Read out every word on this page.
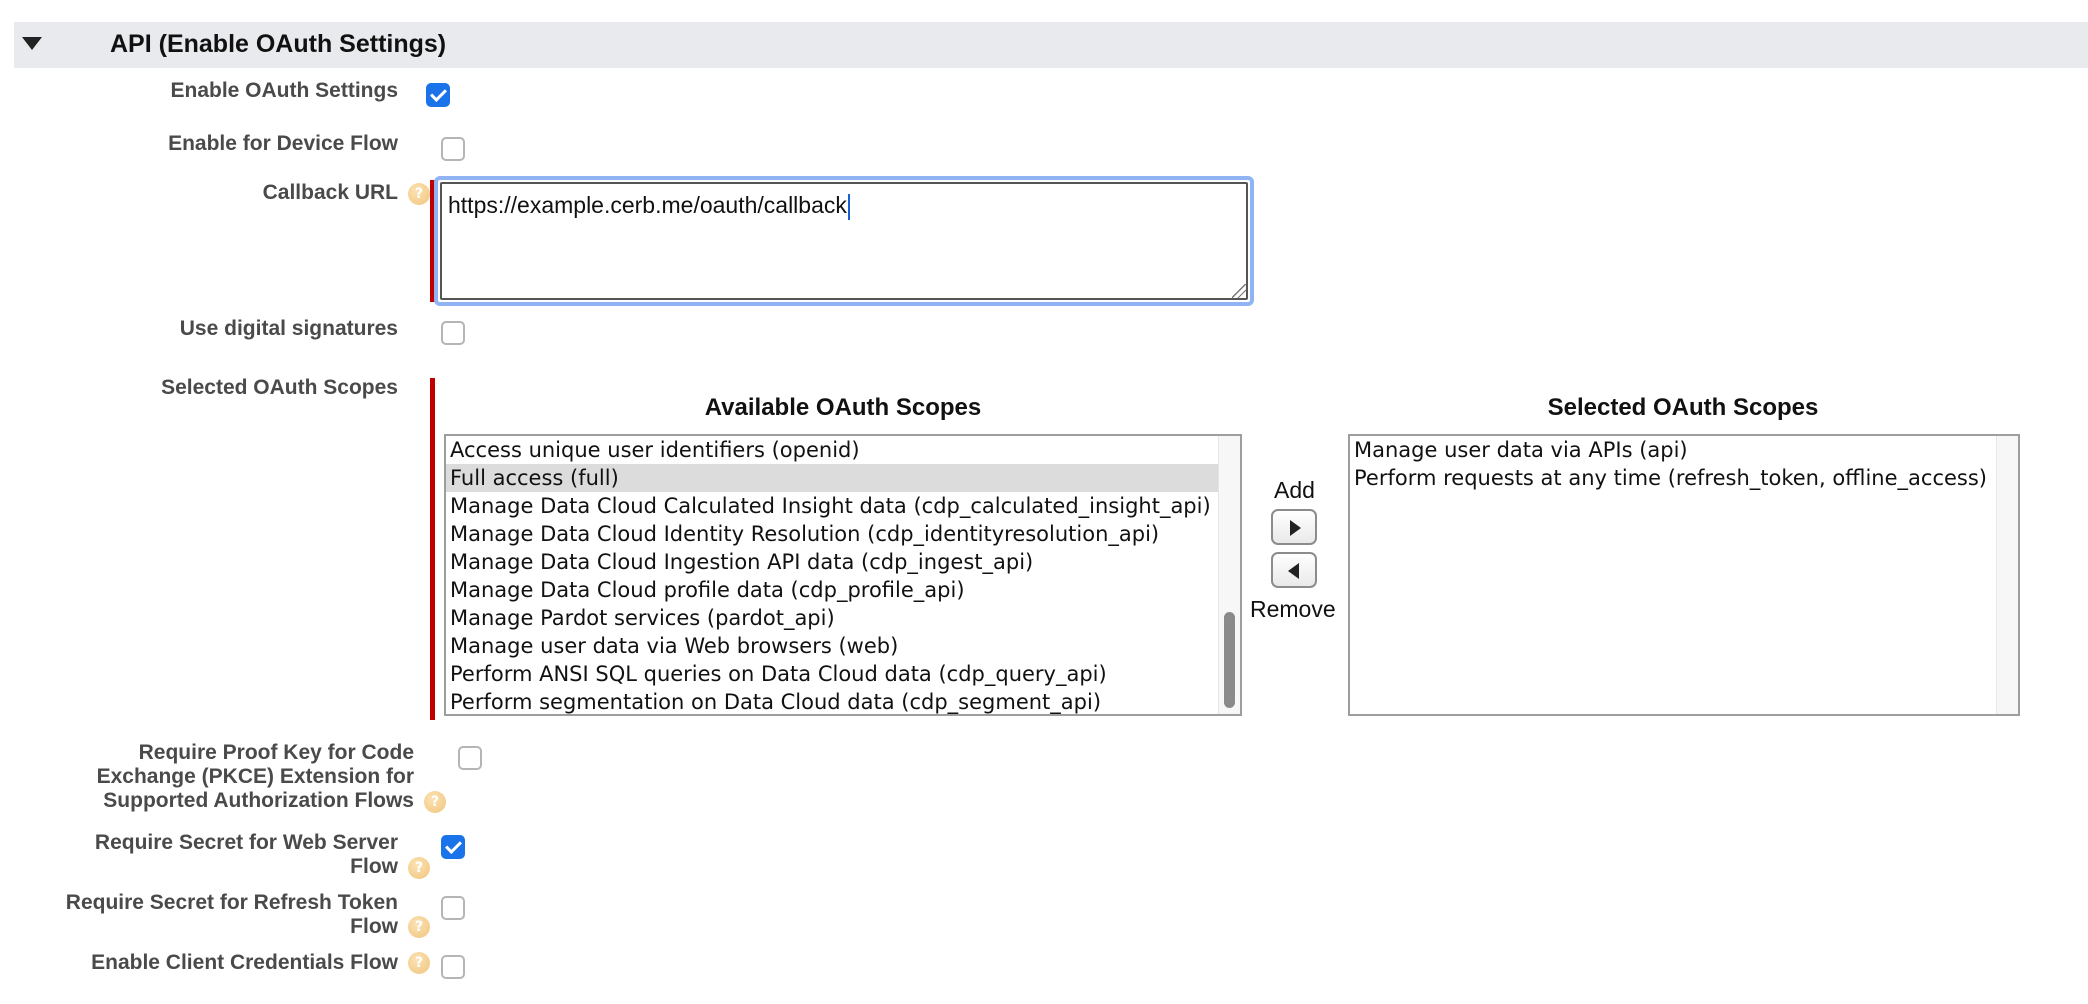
API (Enable OAuth Settings)
Enable OAuth Settings
Enable for Device Flow
Callback URL	?	https://example.cerb.me/oauth/callback
Use digital signatures
Selected OAuth Scopes
Available OAuth Scopes
Access unique user identifiers (openid)
Full access (full)
Manage Data Cloud Calculated Insight data (cdp_calculated_insight_api)
Manage Data Cloud Identity Resolution (cdp_identityresolution_api)
Manage Data Cloud Ingestion API data (cdp_ingest_api)
Manage Data Cloud profile data (cdp_profile_api)
Manage Pardot services (pardot_api)
Manage user data via Web browsers (web)
Perform ANSI SQL queries on Data Cloud data (cdp_query_api)
Perform segmentation on Data Cloud data (cdp_segment_api)
Add
Remove
Selected OAuth Scopes
Manage user data via APIs (api)
Perform requests at any time (refresh_token, offline_access)
Require Proof Key for Code
Exchange (PKCE) Extension for
Supported Authorization Flows	?
Require Secret for Web Server
Flow	?
Require Secret for Refresh Token
Flow	?
Enable Client Credentials Flow	?
